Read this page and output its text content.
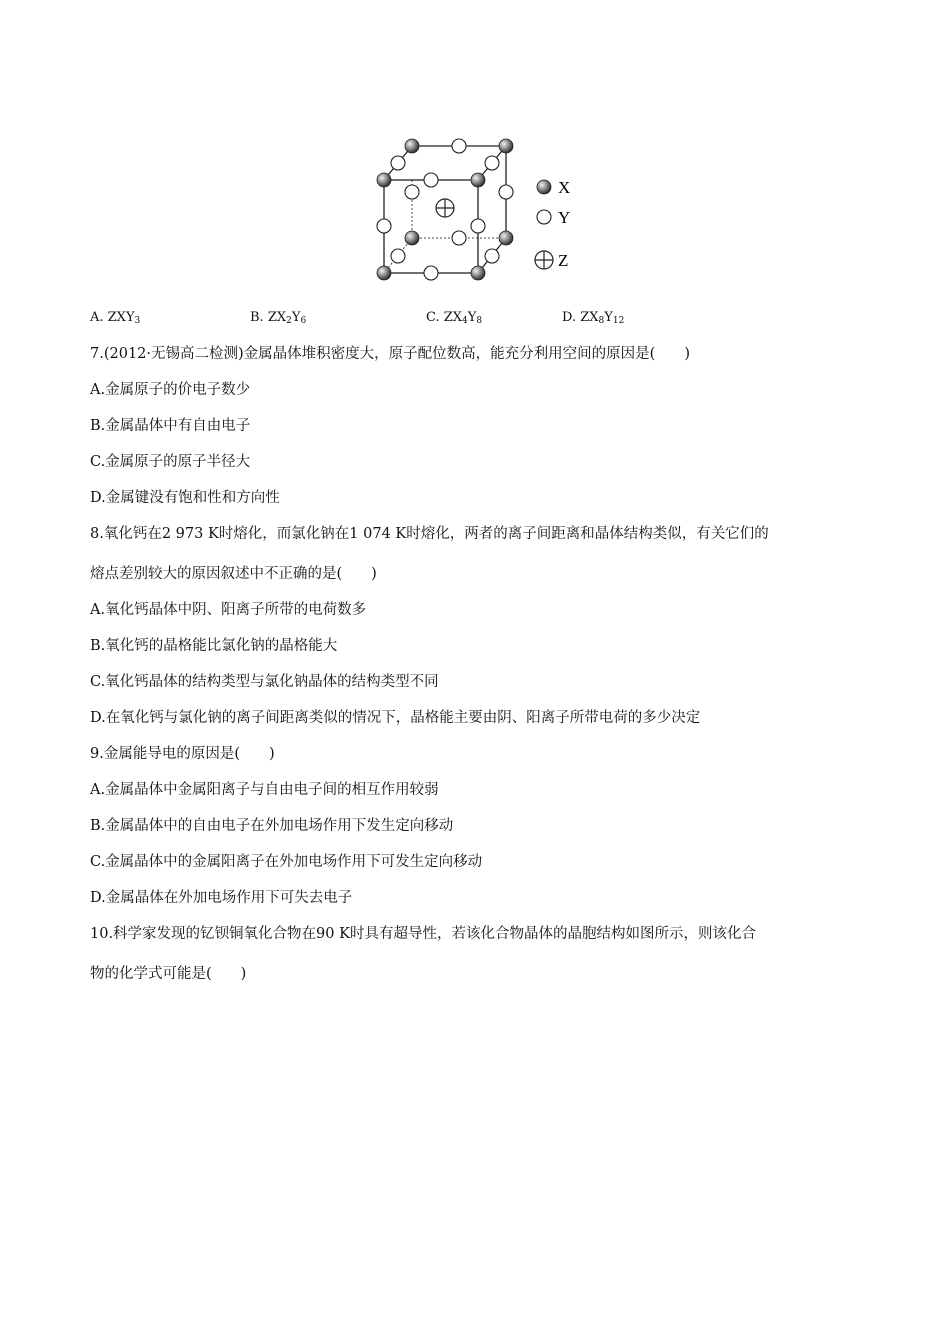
X
Y
Z
A. $ZXY_3$	B. $ZX_2Y_6$	C. $ZX_4Y_8$	D. $ZX_8Y_{12}$
7.(2012·无锡高二检测)金属晶体堆积密度大，原子配位数高，能充分利用空间的原因是(　　)
A.金属原子的价电子数少
B.金属晶体中有自由电子
C.金属原子的原子半径大
D.金属键没有饱和性和方向性
8.氧化钙在2 973 K时熔化，而氯化钠在1 074 K时熔化，两者的离子间距离和晶体结构类似，有关它们的
熔点差别较大的原因叙述中不正确的是(　　)
A.氧化钙晶体中阴、阳离子所带的电荷数多
B.氧化钙的晶格能比氯化钠的晶格能大
C.氧化钙晶体的结构类型与氯化钠晶体的结构类型不同
D.在氧化钙与氯化钠的离子间距离类似的情况下，晶格能主要由阴、阳离子所带电荷的多少决定
9.金属能导电的原因是(　　)
A.金属晶体中金属阳离子与自由电子间的相互作用较弱
B.金属晶体中的自由电子在外加电场作用下发生定向移动
C.金属晶体中的金属阳离子在外加电场作用下可发生定向移动
D.金属晶体在外加电场作用下可失去电子
10.科学家发现的钇钡铜氧化合物在90 K时具有超导性，若该化合物晶体的晶胞结构如图所示，则该化合
物的化学式可能是(　　)
